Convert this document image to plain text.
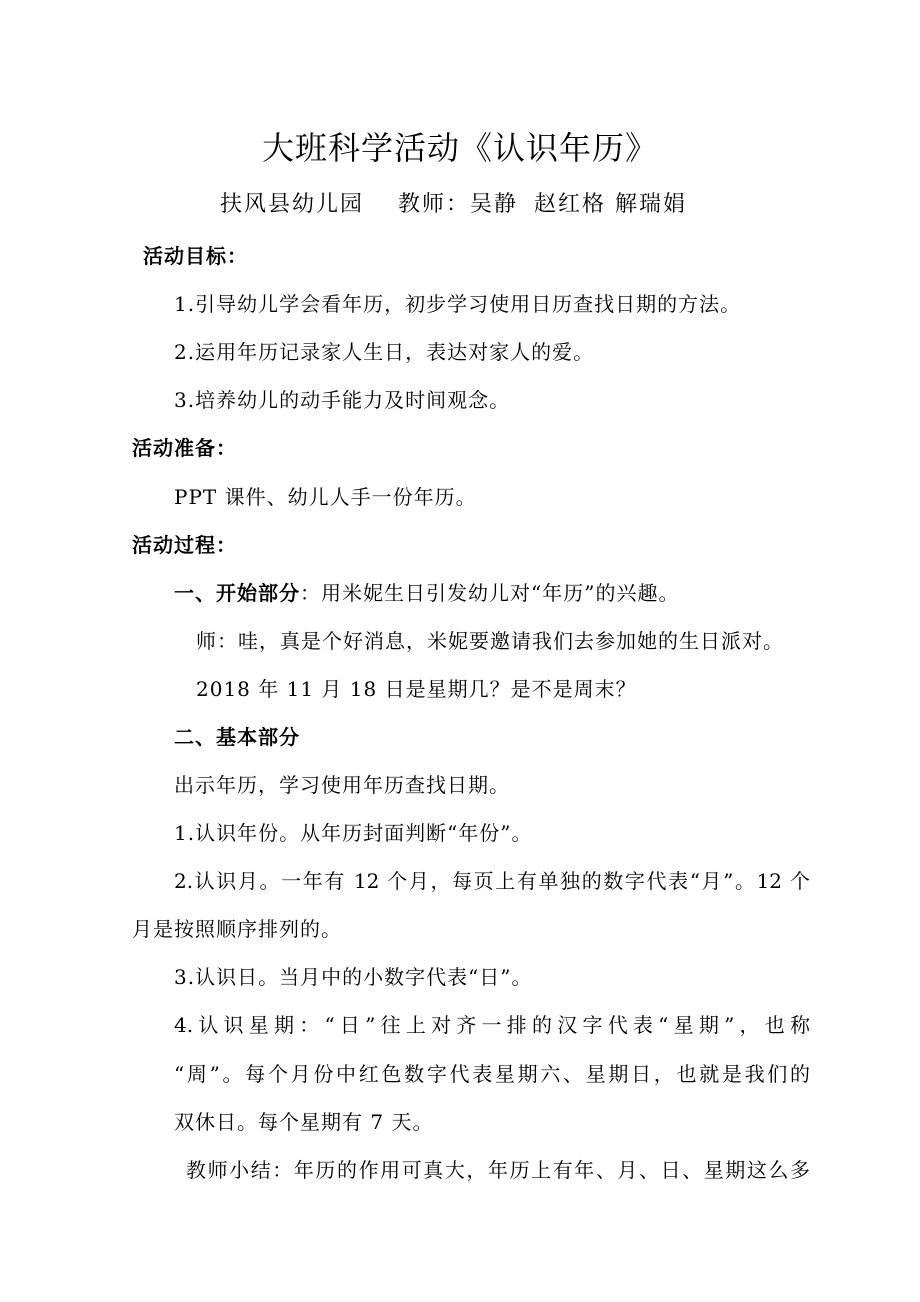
大班科学活动《认识年历》
扶风县幼儿园 教师：吴静 赵红格 解瑞娟
活动目标：
1.引导幼儿学会看年历，初步学习使用日历查找日期的方法。
2.运用年历记录家人生日，表达对家人的爱。
3.培养幼儿的动手能力及时间观念。
活动准备：
PPT 课件、幼儿人手一份年历。
活动过程：
一、开始部分：用米妮生日引发幼儿对“年历”的兴趣。
师：哇，真是个好消息，米妮要邀请我们去参加她的生日派对。
2018 年 11 月 18 日是星期几？是不是周末？
二、基本部分
出示年历，学习使用年历查找日期。
1.认识年份。从年历封面判断“年份”。
2.认识月。一年有 12 个月，每页上有单独的数字代表“月”。12 个
月是按照顺序排列的。
3.认识日。当月中的小数字代表“日”。
4.认识星期：“日”往上对齐一排的汉字代表“星期”，也称
“周”。每个月份中红色数字代表星期六、星期日，也就是我们的
双休日。每个星期有 7 天。
教师小结：年历的作用可真大，年历上有年、月、日、星期这么多
